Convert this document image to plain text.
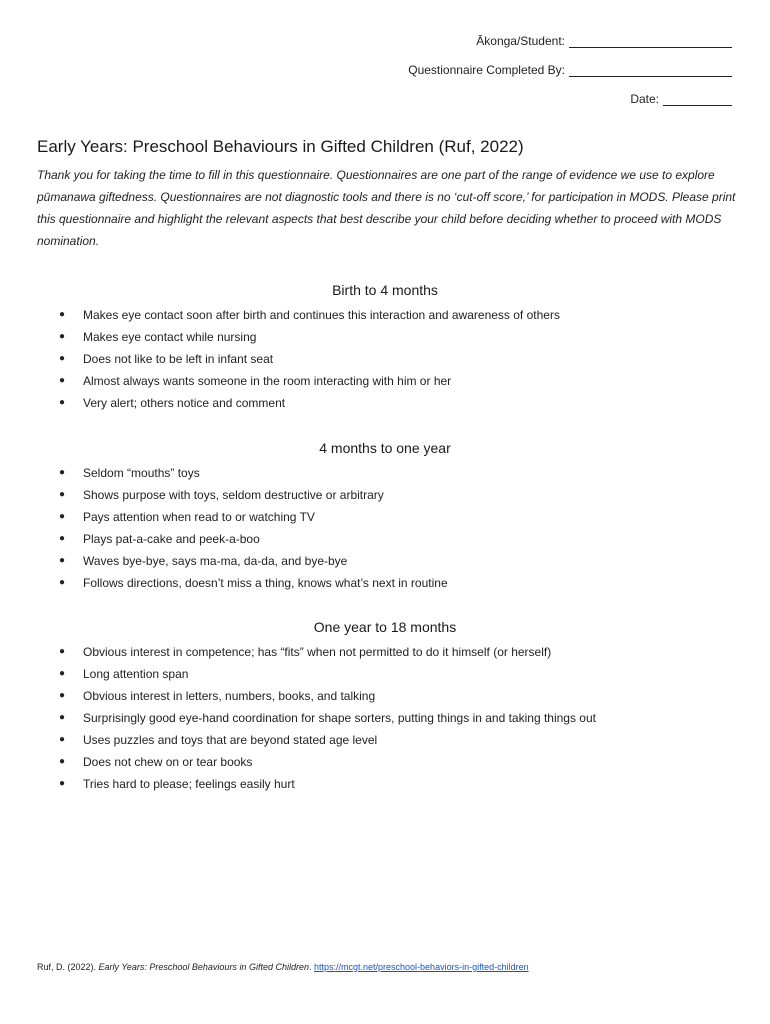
Ākonga/Student:
Questionnaire Completed By:
Date:
Early Years: Preschool Behaviours in Gifted Children (Ruf, 2022)

Thank you for taking the time to fill in this questionnaire. Questionnaires are one part of the range of evidence we use to explore pūmanawa giftedness. Questionnaires are not diagnostic tools and there is no ‘cut-off score,’ for participation in MODS. Please print this questionnaire and highlight the relevant aspects that best describe your child before deciding whether to proceed with MODS nomination.

Birth to 4 months
● Makes eye contact soon after birth and continues this interaction and awareness of others
● Makes eye contact while nursing
● Does not like to be left in infant seat
● Almost always wants someone in the room interacting with him or her
● Very alert; others notice and comment
4 months to one year
● Seldom “mouths” toys
● Shows purpose with toys, seldom destructive or arbitrary
● Pays attention when read to or watching TV
● Plays pat-a-cake and peek-a-boo
● Waves bye-bye, says ma-ma, da-da, and bye-bye
● Follows directions, doesn’t miss a thing, knows what’s next in routine
One year to 18 months
● Obvious interest in competence; has “fits” when not permitted to do it himself (or herself)
● Long attention span
● Obvious interest in letters, numbers, books, and talking
● Surprisingly good eye-hand coordination for shape sorters, putting things in and taking things out
● Uses puzzles and toys that are beyond stated age level
● Does not chew on or tear books
● Tries hard to please; feelings easily hurt
Ruf, D. (2022). Early Years: Preschool Behaviours in Gifted Children. https://mcgt.net/preschool-behaviors-in-gifted-children
